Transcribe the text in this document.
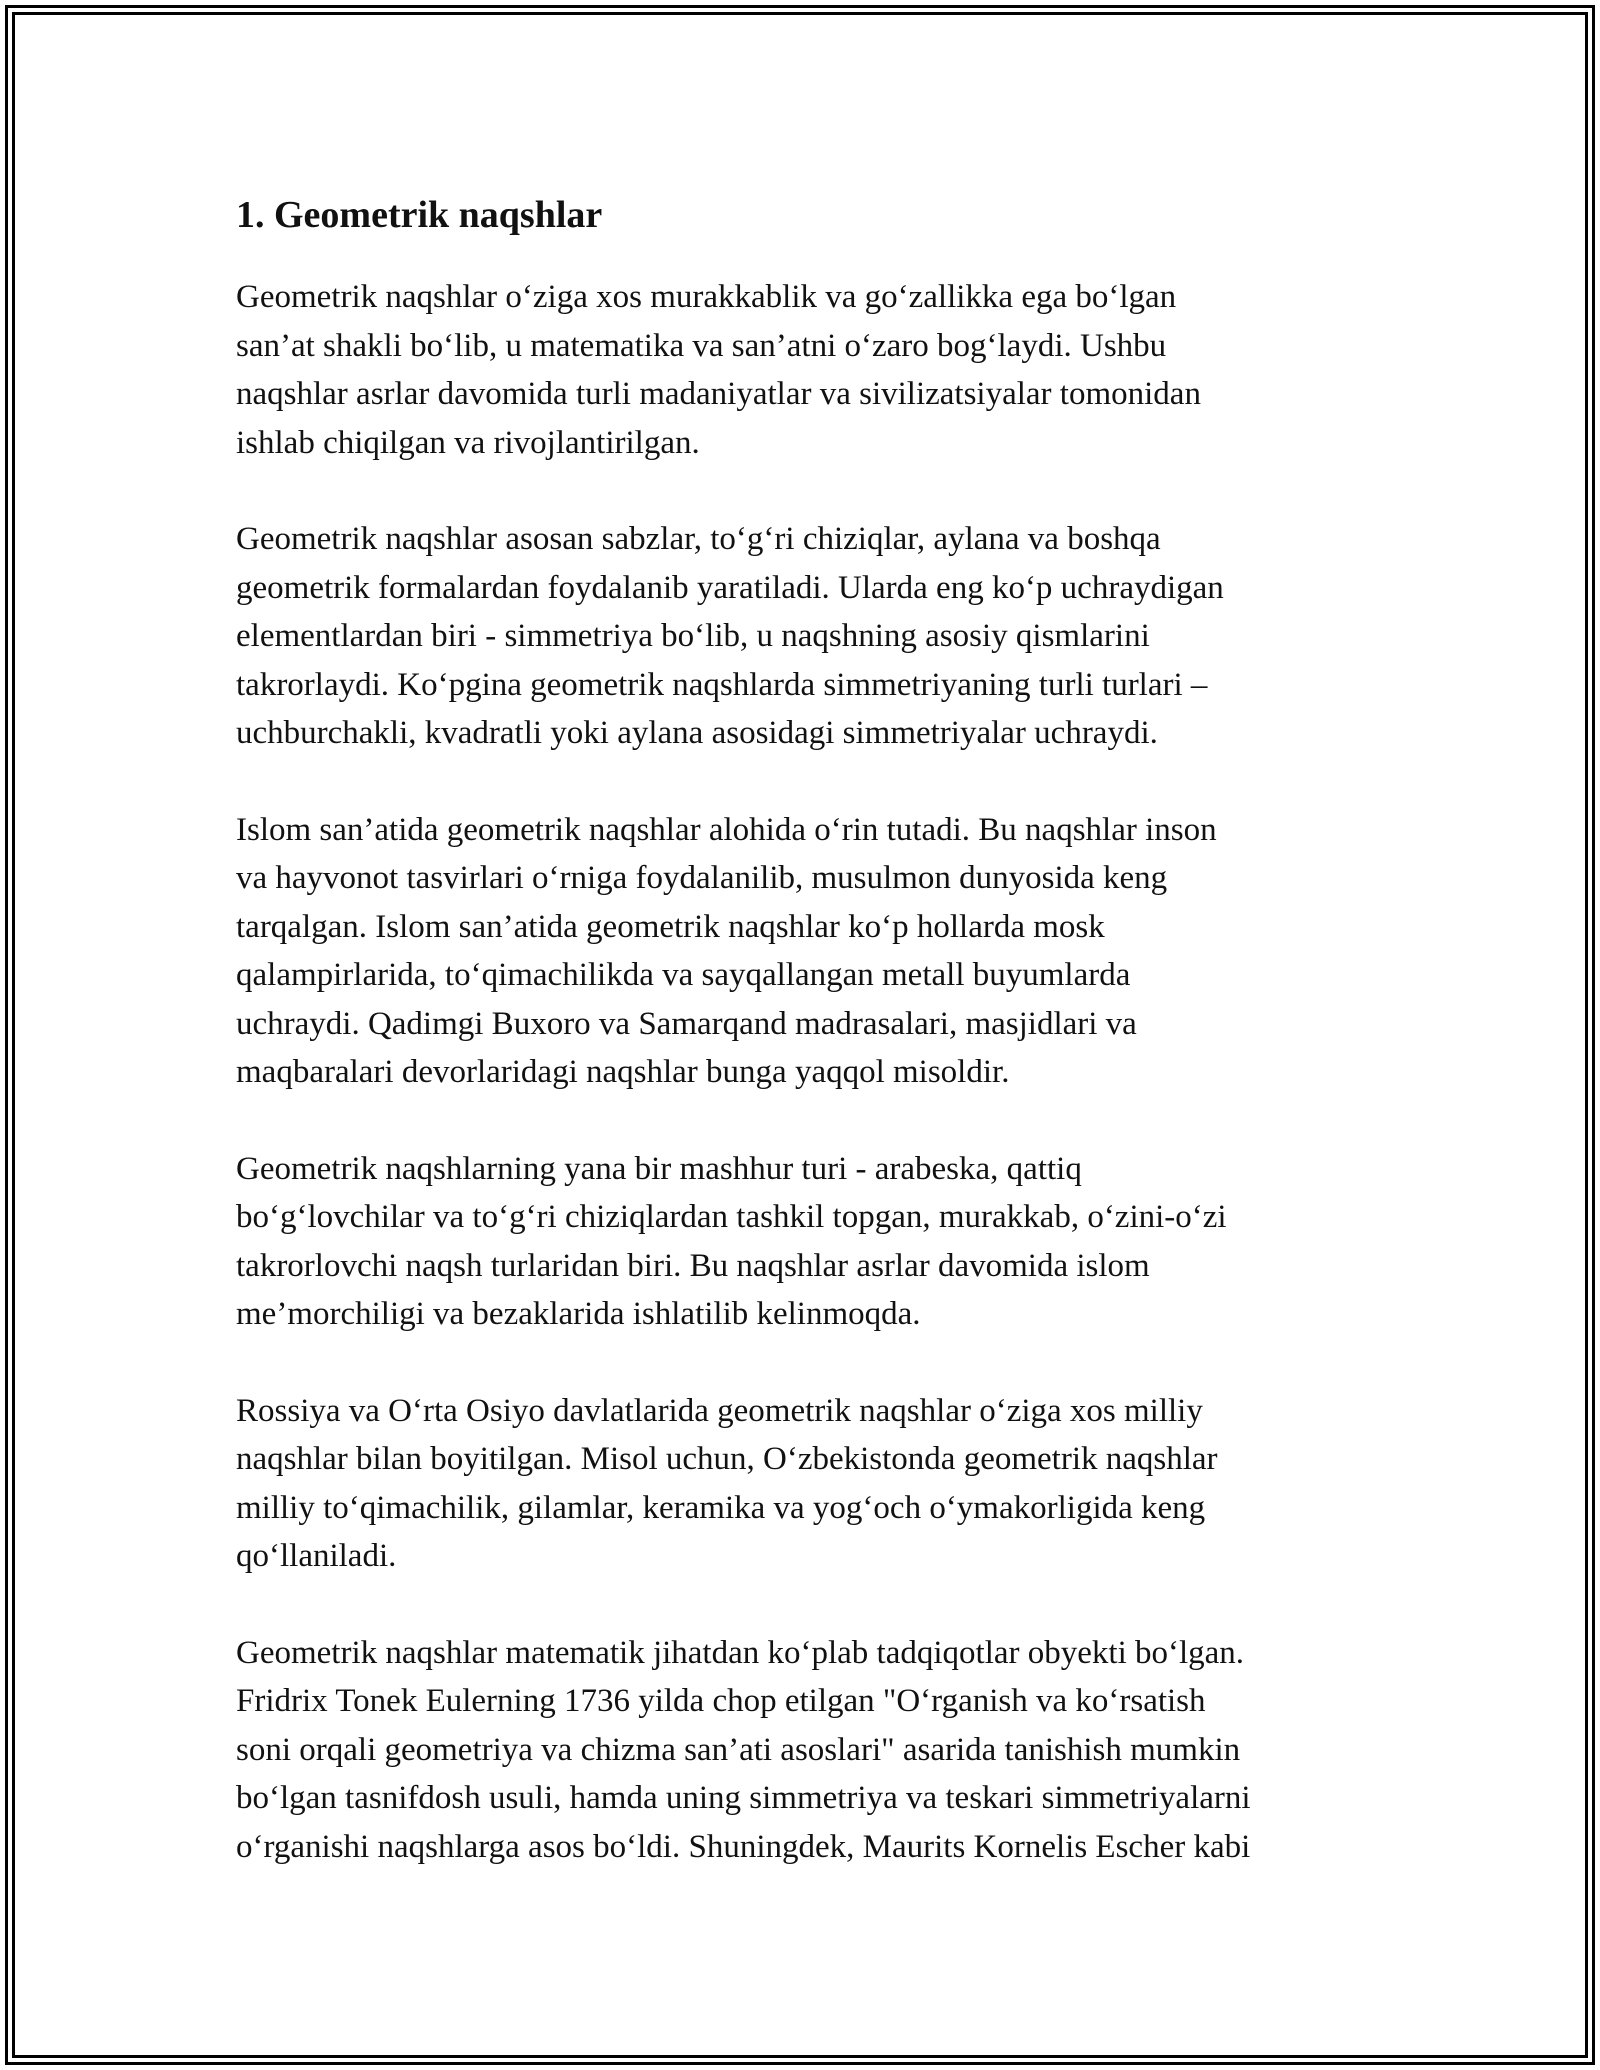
1. Geometrik naqshlar

Geometrik naqshlar o‘ziga xos murakkablik va go‘zallikka ega bo‘lgan
san’at shakli bo‘lib, u matematika va san’atni o‘zaro bog‘laydi. Ushbu
naqshlar asrlar davomida turli madaniyatlar va sivilizatsiyalar tomonidan
ishlab chiqilgan va rivojlantirilgan.

Geometrik naqshlar asosan sabzlar, to‘g‘ri chiziqlar, aylana va boshqa
geometrik formalardan foydalanib yaratiladi. Ularda eng ko‘p uchraydigan
elementlardan biri - simmetriya bo‘lib, u naqshning asosiy qismlarini
takrorlaydi. Ko‘pgina geometrik naqshlarda simmetriyaning turli turlari –
uchburchakli, kvadratli yoki aylana asosidagi simmetriyalar uchraydi.

Islom san’atida geometrik naqshlar alohida o‘rin tutadi. Bu naqshlar inson
va hayvonot tasvirlari o‘rniga foydalanilib, musulmon dunyosida keng
tarqalgan. Islom san’atida geometrik naqshlar ko‘p hollarda mosk
qalampirlarida, to‘qimachilikda va sayqallangan metall buyumlarda
uchraydi. Qadimgi Buxoro va Samarqand madrasalari, masjidlari va
maqbaralari devorlaridagi naqshlar bunga yaqqol misoldir.

Geometrik naqshlarning yana bir mashhur turi - arabeska, qattiq
bo‘g‘lovchilar va to‘g‘ri chiziqlardan tashkil topgan, murakkab, o‘zini-o‘zi
takrorlovchi naqsh turlaridan biri. Bu naqshlar asrlar davomida islom
me’morchiligi va bezaklarida ishlatilib kelinmoqda.

Rossiya va O‘rta Osiyo davlatlarida geometrik naqshlar o‘ziga xos milliy
naqshlar bilan boyitilgan. Misol uchun, O‘zbekistonda geometrik naqshlar
milliy to‘qimachilik, gilamlar, keramika va yog‘och o‘ymakorligida keng
qo‘llaniladi.

Geometrik naqshlar matematik jihatdan ko‘plab tadqiqotlar obyekti bo‘lgan.
Fridrix Tonek Eulerning 1736 yilda chop etilgan "O‘rganish va ko‘rsatish
soni orqali geometriya va chizma san’ati asoslari" asarida tanishish mumkin
bo‘lgan tasnifdosh usuli, hamda uning simmetriya va teskari simmetriyalarni
o‘rganishi naqshlarga asos bo‘ldi. Shuningdek, Maurits Kornelis Escher kabi
